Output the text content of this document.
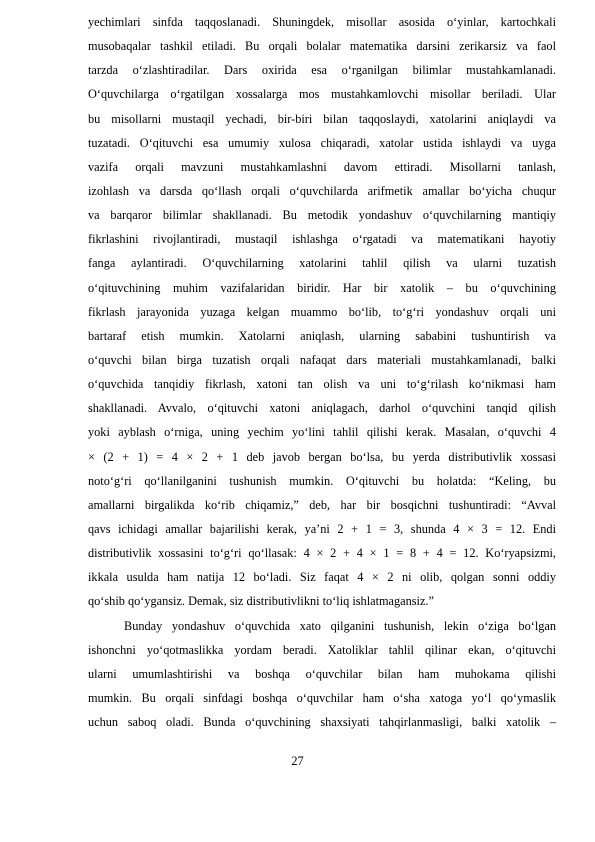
yechimlari sinfda taqqoslanadi. Shuningdek, misollar asosida o‘yinlar, kartochkali
musobaqalar tashkil etiladi. Bu orqali bolalar matematika darsini zerikarsiz va faol
tarzda o‘zlashtiradilar. Dars oxirida esa o‘rganilgan bilimlar mustahkamlanadi.
O‘quvchilarga o‘rgatilgan xossalarga mos mustahkamlovchi misollar beriladi. Ular
bu misollarni mustaqil yechadi, bir-biri bilan taqqoslaydi, xatolarini aniqlaydi va
tuzatadi. O‘qituvchi esa umumiy xulosa chiqaradi, xatolar ustida ishlaydi va uyga
vazifa orqali mavzuni mustahkamlashni davom ettiradi. Misollarni tanlash,
izohlash va darsda qo‘llash orqali o‘quvchilarda arifmetik amallar bo‘yicha chuqur
va barqaror bilimlar shakllanadi. Bu metodik yondashuv o‘quvchilarning mantiqiy
fikrlashini rivojlantiradi, mustaqil ishlashga o‘rgatadi va matematikani hayotiy
fanga aylantiradi. O‘quvchilarning xatolarini tahlil qilish va ularni tuzatish
o‘qituvchining muhim vazifalaridan biridir. Har bir xatolik – bu o‘quvchining
fikrlash jarayonida yuzaga kelgan muammo bo‘lib, to‘g‘ri yondashuv orqali uni
bartaraf etish mumkin. Xatolarni aniqlash, ularning sababini tushuntirish va
o‘quvchi bilan birga tuzatish orqali nafaqat dars materiali mustahkamlanadi, balki
o‘quvchida tanqidiy fikrlash, xatoni tan olish va uni to‘g‘rilash ko‘nikmasi ham
shakllanadi. Avvalo, o‘qituvchi xatoni aniqlagach, darhol o‘quvchini tanqid qilish
yoki ayblash o‘rniga, uning yechim yo‘lini tahlil qilishi kerak. Masalan, o‘quvchi 4
× (2 + 1) = 4 × 2 + 1 deb javob bergan bo‘lsa, bu yerda distributivlik xossasi
noto‘g‘ri qo‘llanilganini tushunish mumkin. O‘qituvchi bu holatda: “Keling, bu
amallarni birgalikda ko‘rib chiqamiz,” deb, har bir bosqichni tushuntiradi: “Avval
qavs ichidagi amallar bajarilishi kerak, ya’ni 2 + 1 = 3, shunda 4 × 3 = 12. Endi
distributivlik xossasini to‘g‘ri qo‘llasak: 4 × 2 + 4 × 1 = 8 + 4 = 12. Ko‘ryapsizmi,
ikkala usulda ham natija 12 bo‘ladi. Siz faqat 4 × 2 ni olib, qolgan sonni oddiy
qo‘shib qo‘ygansiz. Demak, siz distributivlikni to‘liq ishlatmagansiz.”
Bunday yondashuv o‘quvchida xato qilganini tushunish, lekin o‘ziga bo‘lgan
ishonchni yo‘qotmaslikka yordam beradi. Xatoliklar tahlil qilinar ekan, o‘qituvchi
ularni umumlashtirishi va boshqa o‘quvchilar bilan ham muhokama qilishi
mumkin. Bu orqali sinfdagi boshqa o‘quvchilar ham o‘sha xatoga yo‘l qo‘ymaslik
uchun saboq oladi. Bunda o‘quvchining shaxsiyati tahqirlanmasligi, balki xatolik –
27
